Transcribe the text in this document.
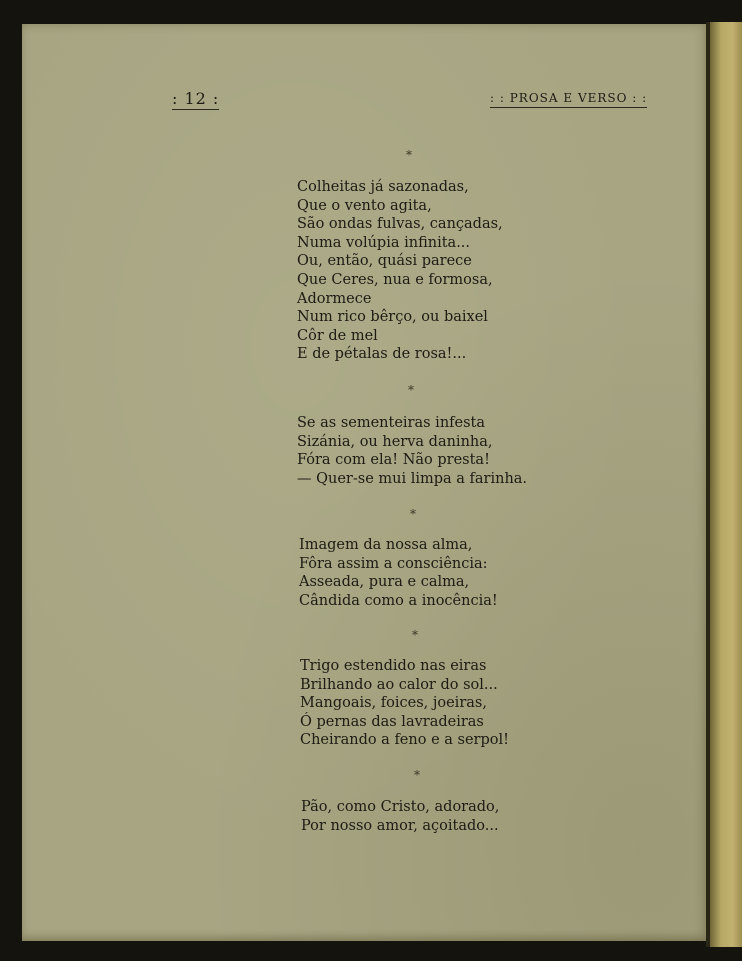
: 12 :	: : PROSA E VERSO : :
*
Colheitas já sazonadas,
Que o vento agita,
São ondas fulvas, cançadas,
Numa volúpia infinita...
Ou, então, quási parece
Que Ceres, nua e formosa,
Adormece
Num rico bêrço, ou baixel
Côr de mel
E de pétalas de rosa!...
*
Se as sementeiras infesta
Sizánia, ou herva daninha,
Fóra com ela! Não presta!
— Quer-se mui limpa a farinha.
*
Imagem da nossa alma,
Fôra assim a consciência:
Asseada, pura e calma,
Cândida como a inocência!
*
Trigo estendido nas eiras
Brilhando ao calor do sol...
Mangoais, foices, joeiras,
Ó pernas das lavradeiras
Cheirando a feno e a serpol!
*
Pão, como Cristo, adorado,
Por nosso amor, açoitado...
